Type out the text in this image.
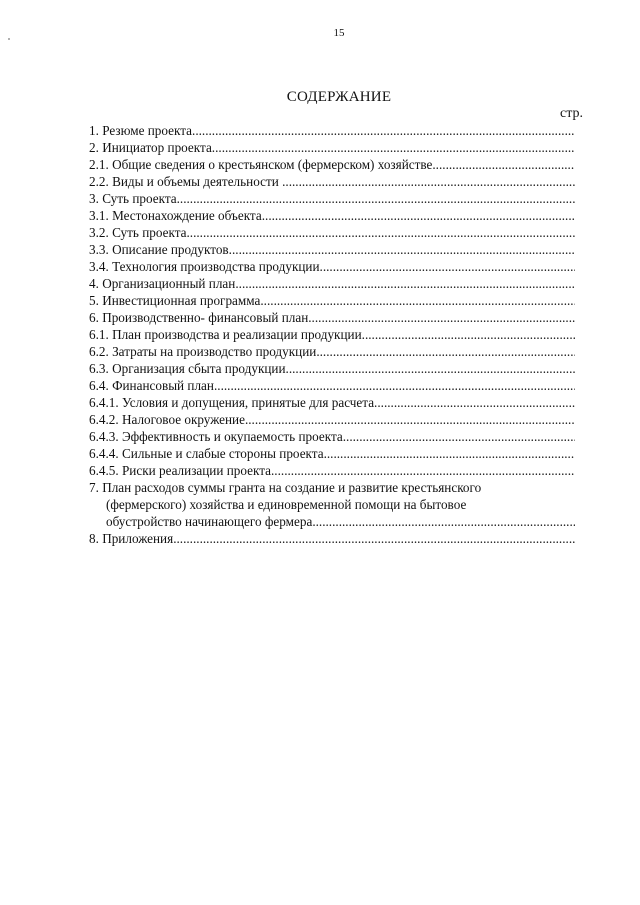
15
СОДЕРЖАНИЕ
стр.
1. Резюме проекта .....
2. Инициатор проекта .....
2.1. Общие сведения о крестьянском (фермерском) хозяйстве .....
2.2. Виды и объемы деятельности .....
3. Суть проекта .....
3.1. Местонахождение объекта .....
3.2. Суть проекта .....
3.3. Описание продуктов .....
3.4. Технология производства продукции .....
4. Организационный план .....
5. Инвестиционная программа .....
6. Производственно- финансовый план .....
6.1. План производства и реализации продукции .....
6.2. Затраты на производство продукции .....
6.3. Организация сбыта продукции .....
6.4. Финансовый план .....
6.4.1. Условия и допущения, принятые для расчета .....
6.4.2. Налоговое окружение .....
6.4.3. Эффективность и окупаемость проекта .....
6.4.4. Сильные и слабые стороны проекта .....
6.4.5. Риски реализации проекта .....
7. План расходов суммы гранта на создание и развитие крестьянского
(фермерского) хозяйства и единовременной помощи на бытовое
обустройство начинающего фермера .....
8. Приложения .....
